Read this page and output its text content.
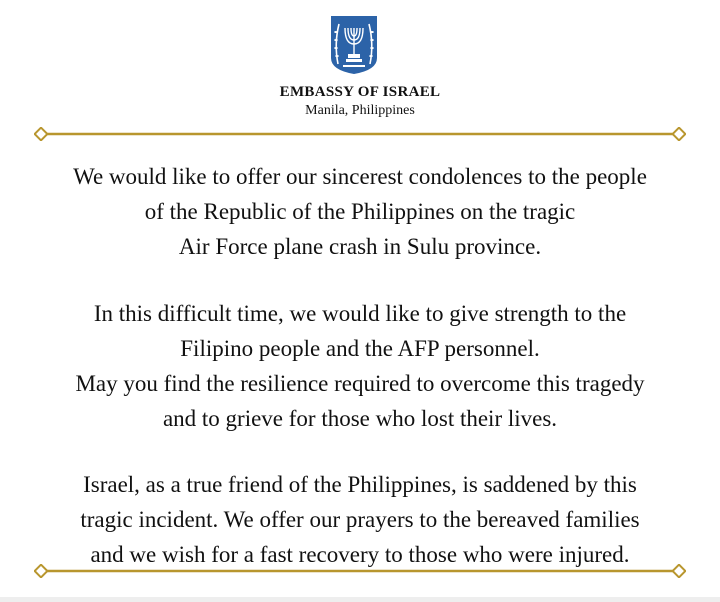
EMBASSY OF ISRAEL
Manila, Philippines
We would like to offer our sincerest condolences to the people
of the Republic of the Philippines on the tragic
Air Force plane crash in Sulu province.
In this difficult time, we would like to give strength to the
Filipino people and the AFP personnel.
May you find the resilience required to overcome this tragedy
and to grieve for those who lost their lives.
Israel, as a true friend of the Philippines, is saddened by this
tragic incident. We offer our prayers to the bereaved families
and we wish for a fast recovery to those who were injured.
